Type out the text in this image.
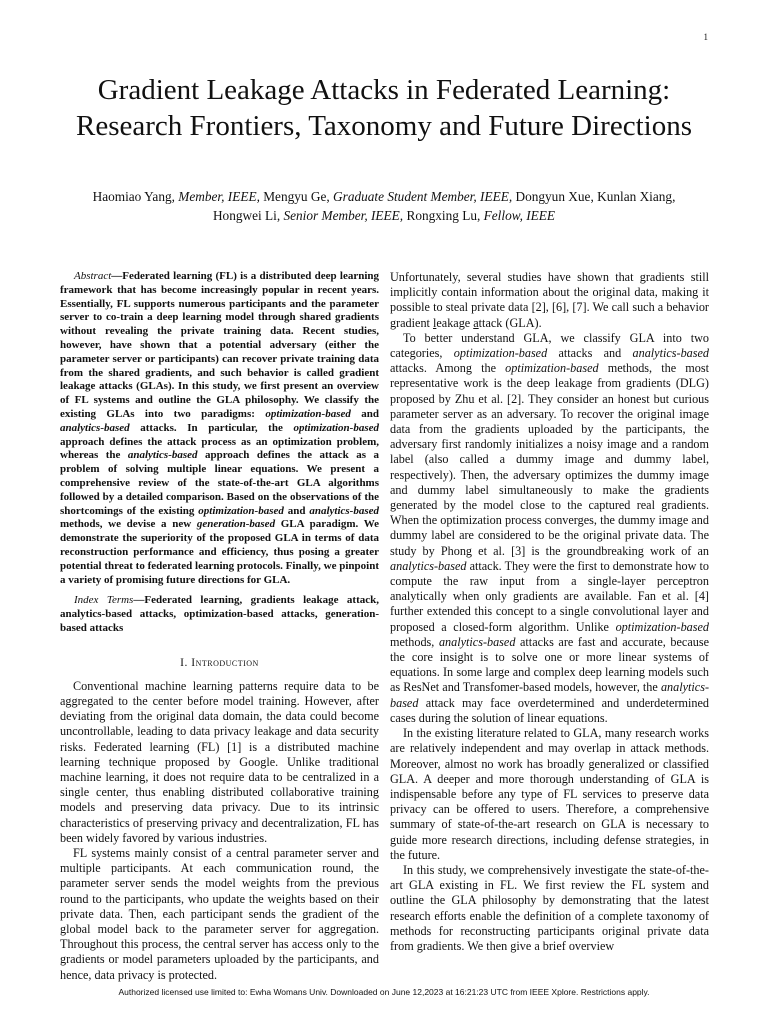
1
Gradient Leakage Attacks in Federated Learning: Research Frontiers, Taxonomy and Future Directions
Haomiao Yang, Member, IEEE, Mengyu Ge, Graduate Student Member, IEEE, Dongyun Xue, Kunlan Xiang,
Hongwei Li, Senior Member, IEEE, Rongxing Lu, Fellow, IEEE

Abstract—Federated learning (FL) is a distributed deep learning framework that has become increasingly popular in recent years. Essentially, FL supports numerous participants and the parameter server to co-train a deep learning model through shared gradients without revealing the private training data. Recent studies, however, have shown that a potential adversary (either the parameter server or participants) can recover private training data from the shared gradients, and such behavior is called gradient leakage attacks (GLAs). In this study, we first present an overview of FL systems and outline the GLA philosophy. We classify the existing GLAs into two paradigms: optimization-based and analytics-based attacks. In particular, the optimization-based approach defines the attack process as an optimization problem, whereas the analytics-based approach defines the attack as a problem of solving multiple linear equations. We present a comprehensive review of the state-of-the-art GLA algorithms followed by a detailed comparison. Based on the observations of the shortcomings of the existing optimization-based and analytics-based methods, we devise a new generation-based GLA paradigm. We demonstrate the superiority of the proposed GLA in terms of data reconstruction performance and efficiency, thus posing a greater potential threat to federated learning protocols. Finally, we pinpoint a variety of promising future directions for GLA.

Index Terms—Federated learning, gradients leakage attack, analytics-based attacks, optimization-based attacks, generation-based attacks

I. Introduction

Conventional machine learning patterns require data to be aggregated to the center before model training. However, after deviating from the original data domain, the data could become uncontrollable, leading to data privacy leakage and data security risks. Federated learning (FL) [1] is a distributed machine learning technique proposed by Google. Unlike traditional machine learning, it does not require data to be centralized in a single center, thus enabling distributed collaborative training models and preserving data privacy. Due to its intrinsic characteristics of preserving privacy and decentralization, FL has been widely favored by various industries.

FL systems mainly consist of a central parameter server and multiple participants. At each communication round, the parameter server sends the model weights from the previous round to the participants, who update the weights based on their private data. Then, each participant sends the gradient of the global model back to the parameter server for aggregation. Throughout this process, the central server has access only to the gradients or model parameters uploaded by the participants, and hence, data privacy is protected.

Unfortunately, several studies have shown that gradients still implicitly contain information about the original data, making it possible to steal private data [2], [6], [7]. We call such a behavior gradient leakage attack (GLA).

To better understand GLA, we classify GLA into two categories, optimization-based attacks and analytics-based attacks. Among the optimization-based methods, the most representative work is the deep leakage from gradients (DLG) proposed by Zhu et al. [2]. They consider an honest but curious parameter server as an adversary. To recover the original image data from the gradients uploaded by the participants, the adversary first randomly initializes a noisy image and a random label (also called a dummy image and dummy label, respectively). Then, the adversary optimizes the dummy image and dummy label simultaneously to make the gradients generated by the model close to the captured real gradients. When the optimization process converges, the dummy image and dummy label are considered to be the original private data. The study by Phong et al. [3] is the groundbreaking work of an analytics-based attack. They were the first to demonstrate how to compute the raw input from a single-layer perceptron analytically when only gradients are available. Fan et al. [4] further extended this concept to a single convolutional layer and proposed a closed-form algorithm. Unlike optimization-based methods, analytics-based attacks are fast and accurate, because the core insight is to solve one or more linear systems of equations. In some large and complex deep learning models such as ResNet and Transfomer-based models, however, the analytics-based attack may face overdetermined and underdetermined cases during the solution of linear equations.

In the existing literature related to GLA, many research works are relatively independent and may overlap in attack methods. Moreover, almost no work has broadly generalized or classified GLA. A deeper and more thorough understanding of GLA is indispensable before any type of FL services to preserve data privacy can be offered to users. Therefore, a comprehensive summary of state-of-the-art research on GLA is necessary to guide more research directions, including defense strategies, in the future.

In this study, we comprehensively investigate the state-of-the-art GLA existing in FL. We first review the FL system and outline the GLA philosophy by demonstrating that the latest research efforts enable the definition of a complete taxonomy of methods for reconstructing participants original private data from gradients. We then give a brief overview

Authorized licensed use limited to: Ewha Womans Univ. Downloaded on June 12,2023 at 16:21:23 UTC from IEEE Xplore. Restrictions apply.
